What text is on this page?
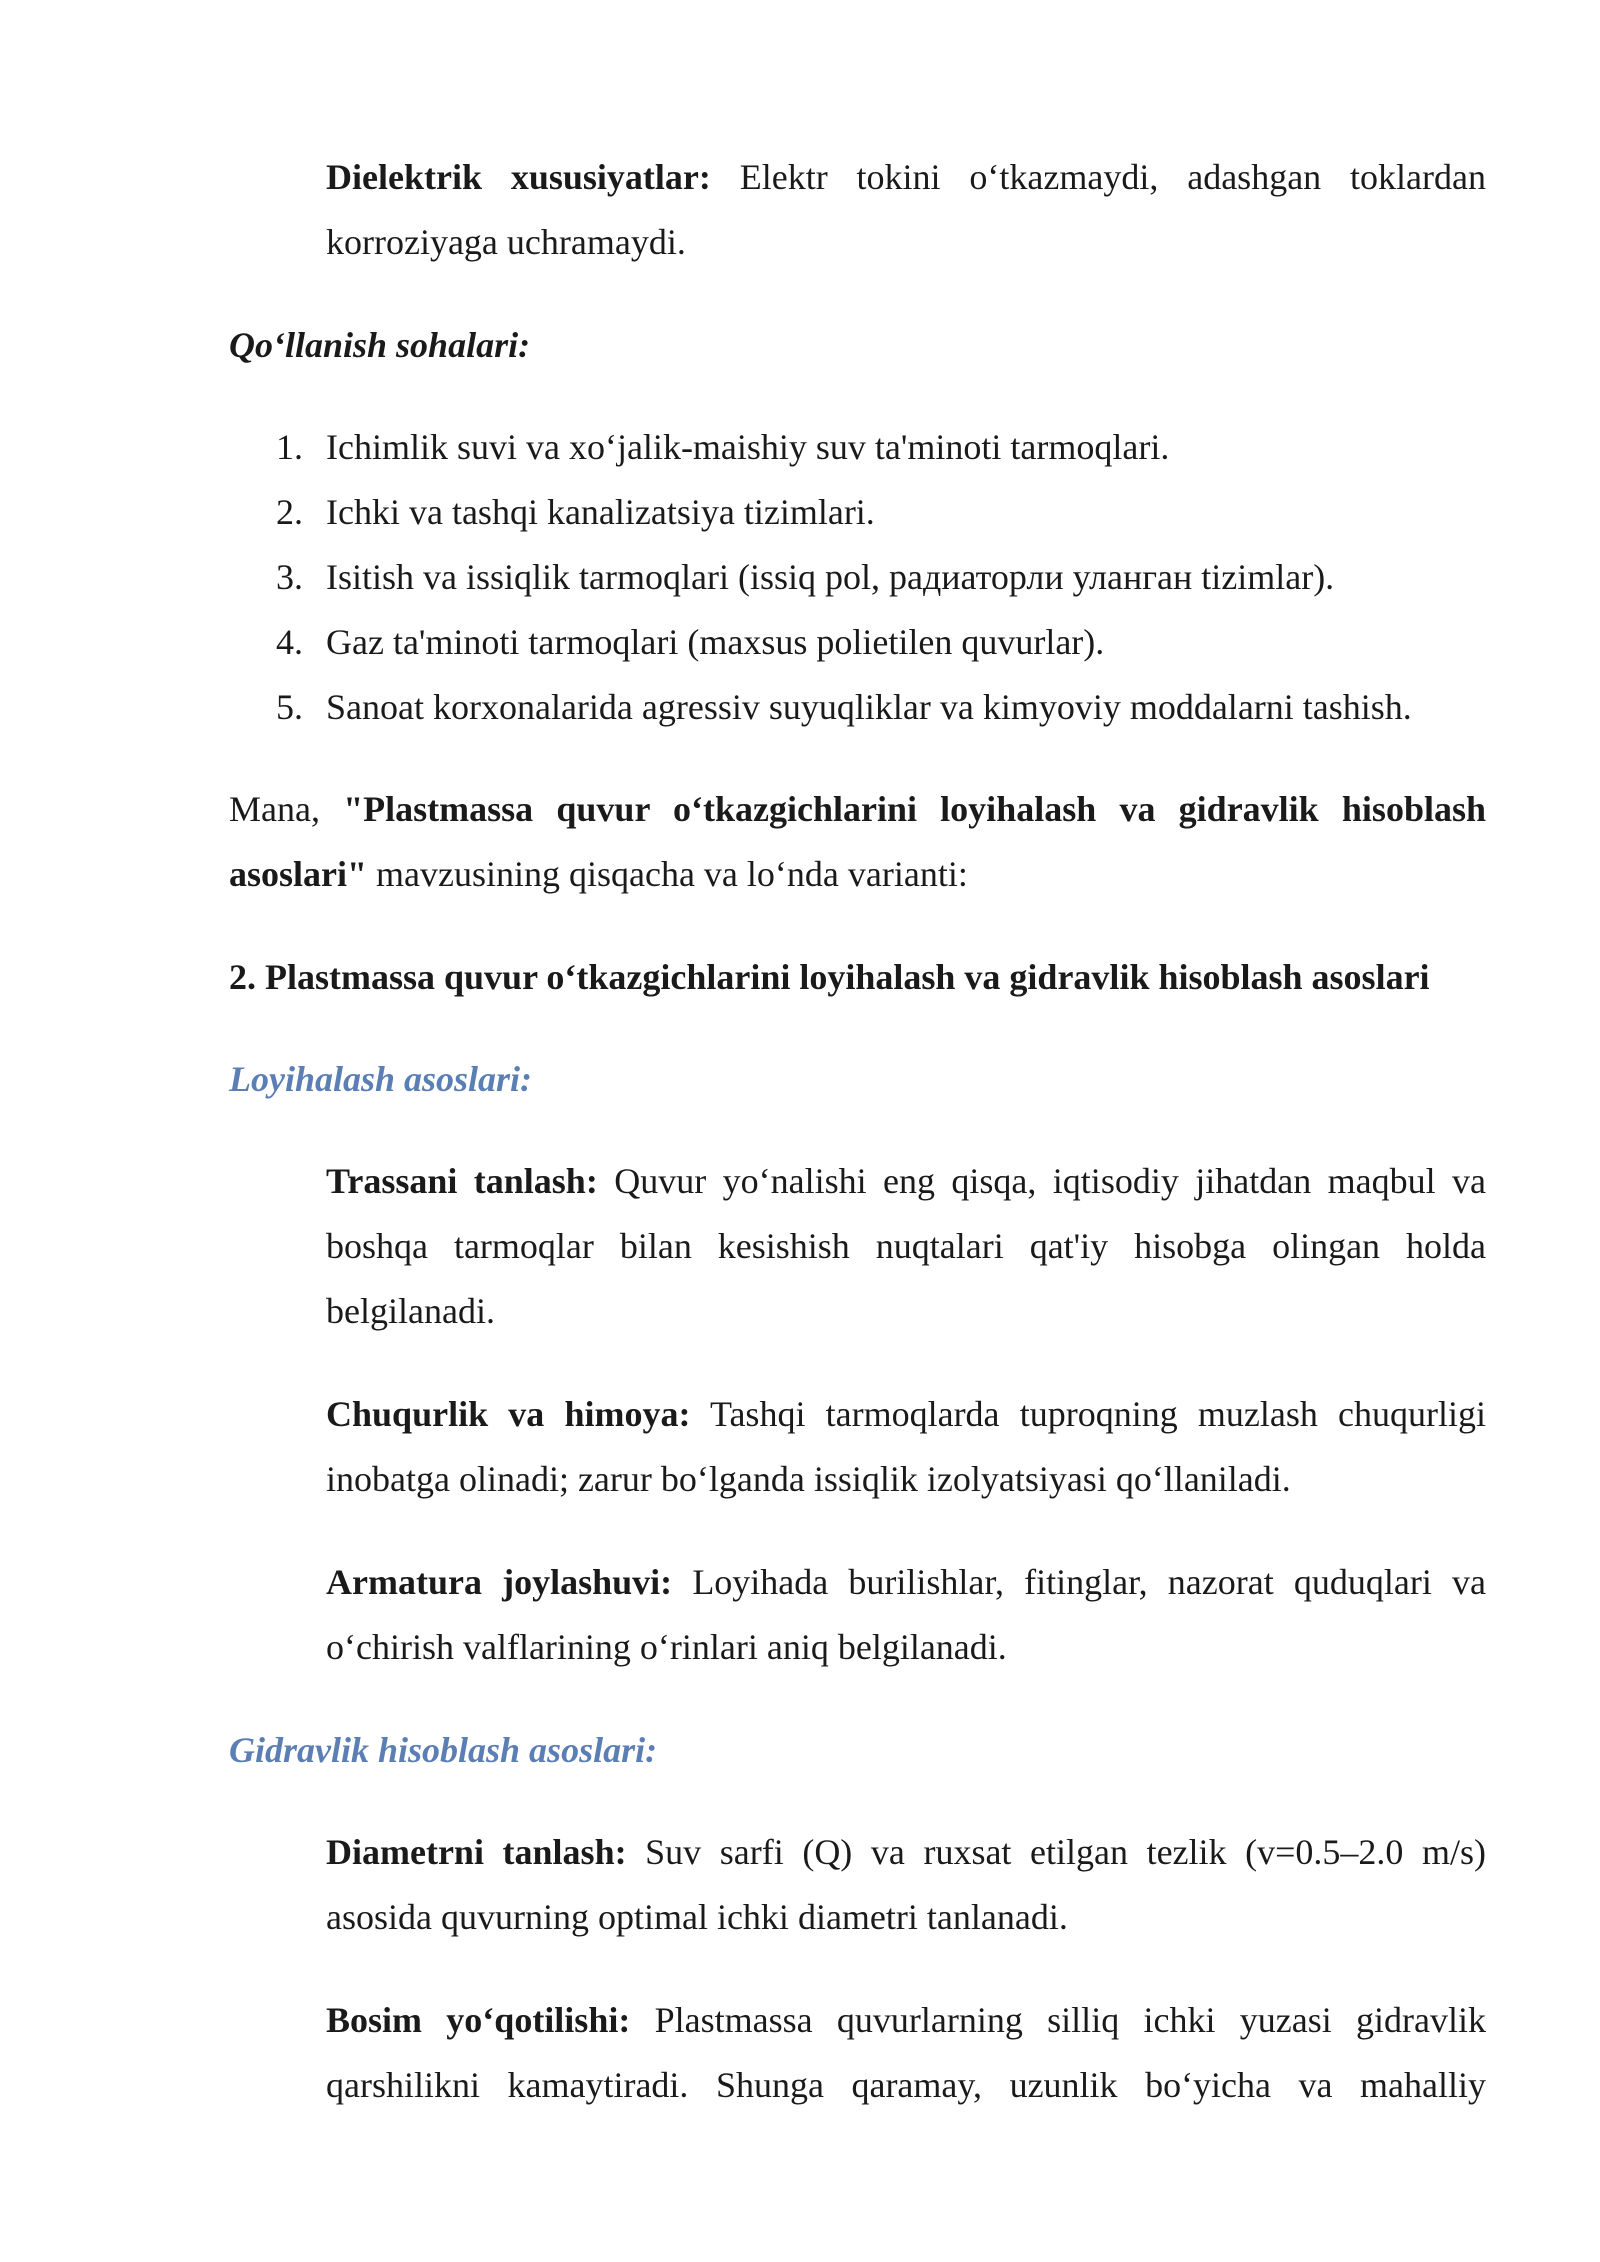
Dielektrik xususiyatlar: Elektr tokini o‘tkazmaydi, adashgan toklardan korroziyaga uchramaydi.

Qo‘llanish sohalari:

1. Ichimlik suvi va xo‘jalik-maishiy suv ta'minoti tarmoqlari.
2. Ichki va tashqi kanalizatsiya tizimlari.
3. Isitish va issiqlik tarmoqlari (issiq pol, радиаторли уланган tizimlar).
4. Gaz ta'minoti tarmoqlari (maxsus polietilen quvurlar).
5. Sanoat korxonalarida agressiv suyuqliklar va kimyoviy moddalarni tashish.

Mana, "Plastmassa quvur o‘tkazgichlarini loyihalash va gidravlik hisoblash asoslari" mavzusining qisqacha va lo‘nda varianti:

2. Plastmassa quvur o‘tkazgichlarini loyihalash va gidravlik hisoblash asoslari

Loyihalash asoslari:

Trassani tanlash: Quvur yo‘nalishi eng qisqa, iqtisodiy jihatdan maqbul va boshqa tarmoqlar bilan kesishish nuqtalari qat'iy hisobga olingan holda belgilanadi.

Chuqurlik va himoya: Tashqi tarmoqlarda tuproqning muzlash chuqurligi inobatga olinadi; zarur bo‘lganda issiqlik izolyatsiyasi qo‘llaniladi.

Armatura joylashuvi: Loyihada burilishlar, fitinglar, nazorat quduqlari va o‘chirish valflarining o‘rinlari aniq belgilanadi.

Gidravlik hisoblash asoslari:

Diametrni tanlash: Suv sarfi (Q) va ruxsat etilgan tezlik (v=0.5–2.0 m/s) asosida quvurning optimal ichki diametri tanlanadi.

Bosim yo‘qotilishi: Plastmassa quvurlarning silliq ichki yuzasi gidravlik qarshilikni kamaytiradi. Shunga qaramay, uzunlik bo‘yicha va mahalliy
